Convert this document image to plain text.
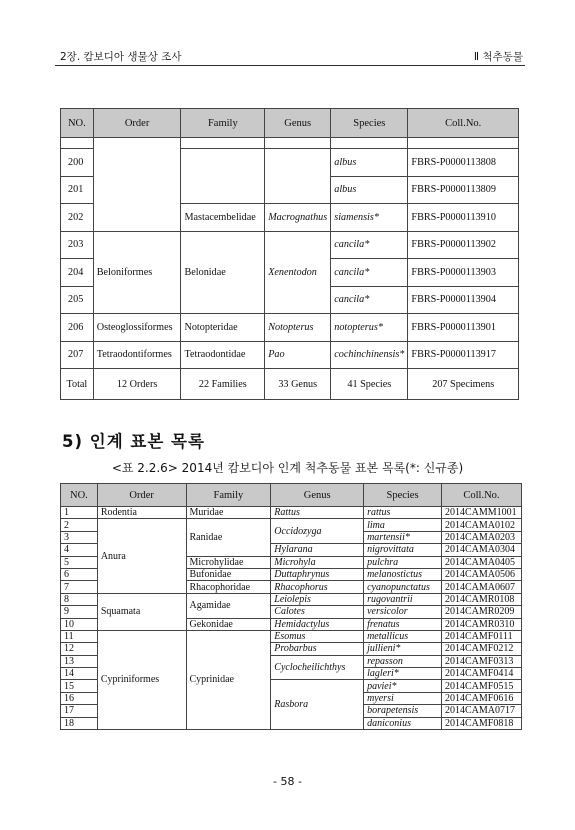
2장. 캄보디아 생물상 조사	Ⅱ 척추동물
NO.	Order	Family	Genus	Species	Coll.No.

200				albus	FBRS-P0000113808
201				albus	FBRS-P0000113809
202		Mastacembelidae	Macrognathus	siamensis*	FBRS-P0000113910
203	Beloniformes	Belonidae	Xenentodon	cancila*	FBRS-P0000113902
204				cancila*	FBRS-P0000113903
205				cancila*	FBRS-P0000113904
206	Osteoglossiformes	Notopteridae	Notopterus	notopterus*	FBRS-P0000113901
207	Tetraodontiformes	Tetraodontidae	Pao	cochinchinensis*	FBRS-P0000113917
Total	12 Orders	22 Families	33 Genus	41 Species	207 Specimens
5) 인계 표본 목록
<표 2.2.6> 2014년 캄보디아 인계 척추동물 표본 목록(*: 신규종)
NO.	Order	Family	Genus	Species	Coll.No.
1	Rodentia	Muridae	Rattus	rattus	2014CAMM1001
2	Anura	Ranidae	Occidozyga	lima	2014CAMA0102
3				martensii*	2014CAMA0203
4			Hylarana	nigrovittata	2014CAMA0304
5		Microhylidae	Microhyla	pulchra	2014CAMA0405
6		Bufonidae	Duttaphrynus	melanostictus	2014CAMA0506
7		Rhacophoridae	Rhacophorus	cyanopunctatus	2014CAMA0607
8	Squamata	Agamidae	Leiolepis	rugovantrii	2014CAMR0108
9			Calotes	versicolor	2014CAMR0209
10		Gekonidae	Hemidactylus	frenatus	2014CAMR0310
11	Cypriniformes	Cyprinidae	Esomus	metallicus	2014CAMF0111
12			Probarbus	jullieni*	2014CAMF0212
13			Cyclocheilichthys	repasson	2014CAMF0313
14				lagleri*	2014CAMF0414
15			Rasbora	paviei*	2014CAMF0515
16				myersi	2014CAMF0616
17				borapetensis	2014CAMA0717
18				daniconius	2014CAMF0818
- 58 -
